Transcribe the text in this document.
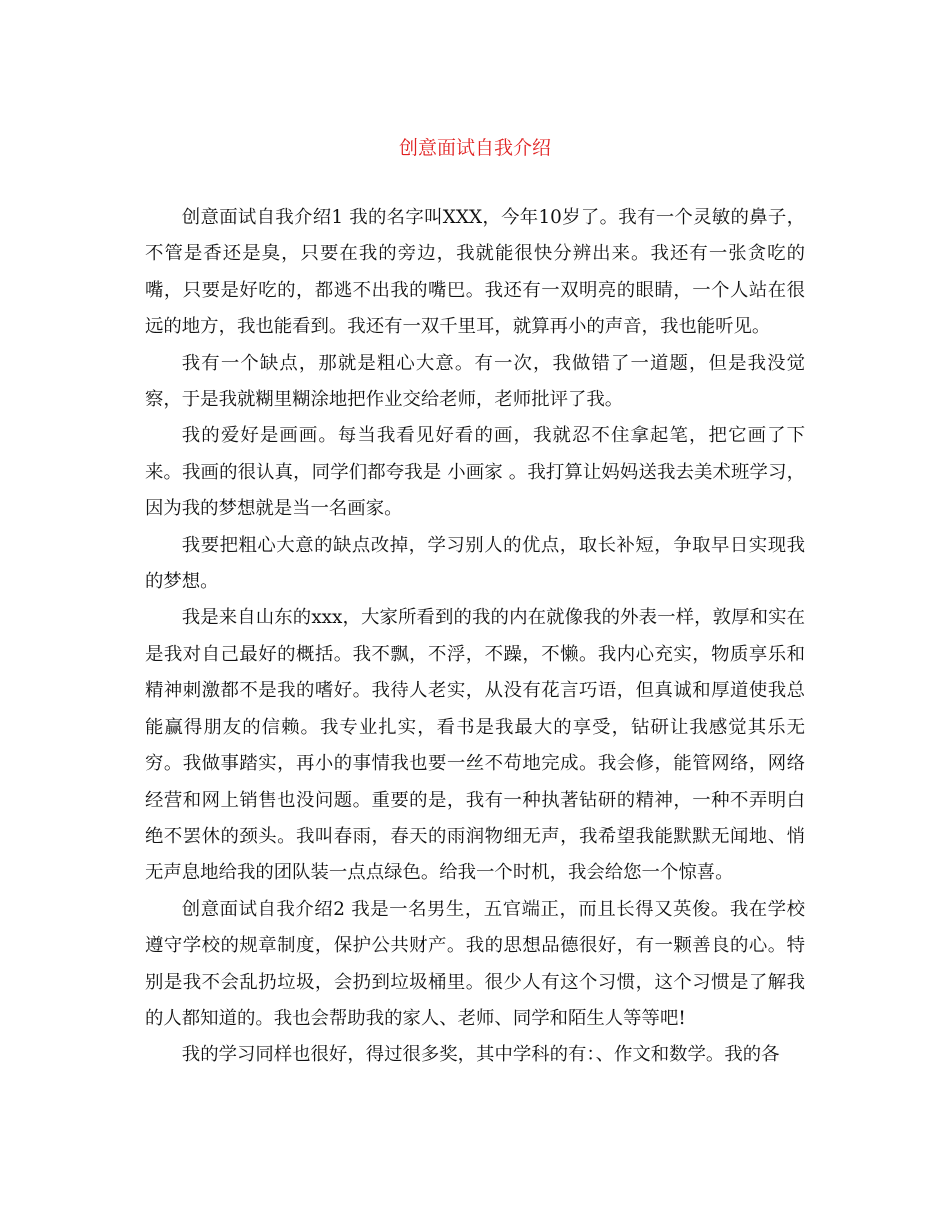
创意面试自我介绍

创意面试自我介绍1 我的名字叫XXX，今年10岁了。我有一个灵敏的鼻子，不管是香还是臭，只要在我的旁边，我就能很快分辨出来。我还有一张贪吃的嘴，只要是好吃的，都逃不出我的嘴巴。我还有一双明亮的眼睛，一个人站在很远的地方，我也能看到。我还有一双千里耳，就算再小的声音，我也能听见。

我有一个缺点，那就是粗心大意。有一次，我做错了一道题，但是我没觉察，于是我就糊里糊涂地把作业交给老师，老师批评了我。

我的爱好是画画。每当我看见好看的画，我就忍不住拿起笔，把它画了下来。我画的很认真，同学们都夸我是 小画家 。我打算让妈妈送我去美术班学习，因为我的梦想就是当一名画家。

我要把粗心大意的缺点改掉，学习别人的优点，取长补短，争取早日实现我的梦想。

我是来自山东的xxx，大家所看到的我的内在就像我的外表一样，敦厚和实在是我对自己最好的概括。我不飘，不浮，不躁，不懒。我内心充实，物质享乐和精神刺激都不是我的嗜好。我待人老实，从没有花言巧语，但真诚和厚道使我总能赢得朋友的信赖。我专业扎实，看书是我最大的享受，钻研让我感觉其乐无穷。我做事踏实，再小的事情我也要一丝不苟地完成。我会修，能管网络，网络经营和网上销售也没问题。重要的是，我有一种执著钻研的精神，一种不弄明白绝不罢休的颈头。我叫春雨，春天的雨润物细无声，我希望我能默默无闻地、悄无声息地给我的团队装一点点绿色。给我一个时机，我会给您一个惊喜。

创意面试自我介绍2 我是一名男生，五官端正，而且长得又英俊。我在学校遵守学校的规章制度，保护公共财产。我的思想品德很好，有一颗善良的心。特别是我不会乱扔垃圾，会扔到垃圾桶里。很少人有这个习惯，这个习惯是了解我的人都知道的。我也会帮助我的家人、老师、同学和陌生人等等吧!

我的学习同样也很好，得过很多奖，其中学科的有：、作文和数学。我的各
